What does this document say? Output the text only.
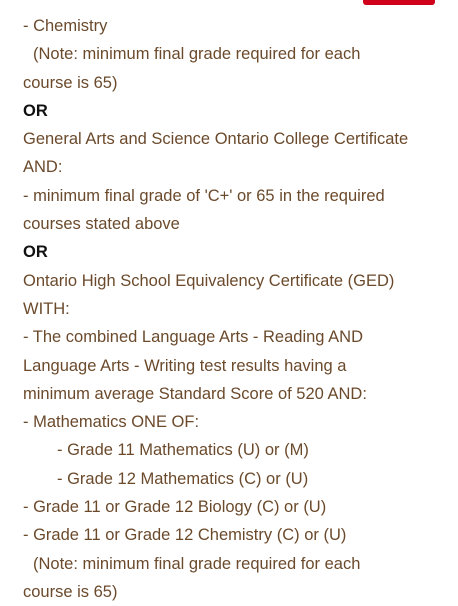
- Chemistry
(Note: minimum final grade required for each
course is 65)
OR
General Arts and Science Ontario College Certificate
AND:
- minimum final grade of 'C+' or 65 in the required
courses stated above
OR
Ontario High School Equivalency Certificate (GED)
WITH:
- The combined Language Arts - Reading AND
Language Arts - Writing test results having a
minimum average Standard Score of 520 AND:
- Mathematics ONE OF:
- Grade 11 Mathematics (U) or (M)
- Grade 12 Mathematics (C) or (U)
- Grade 11 or Grade 12 Biology (C) or (U)
- Grade 11 or Grade 12 Chemistry (C) or (U)
(Note: minimum final grade required for each
course is 65)
